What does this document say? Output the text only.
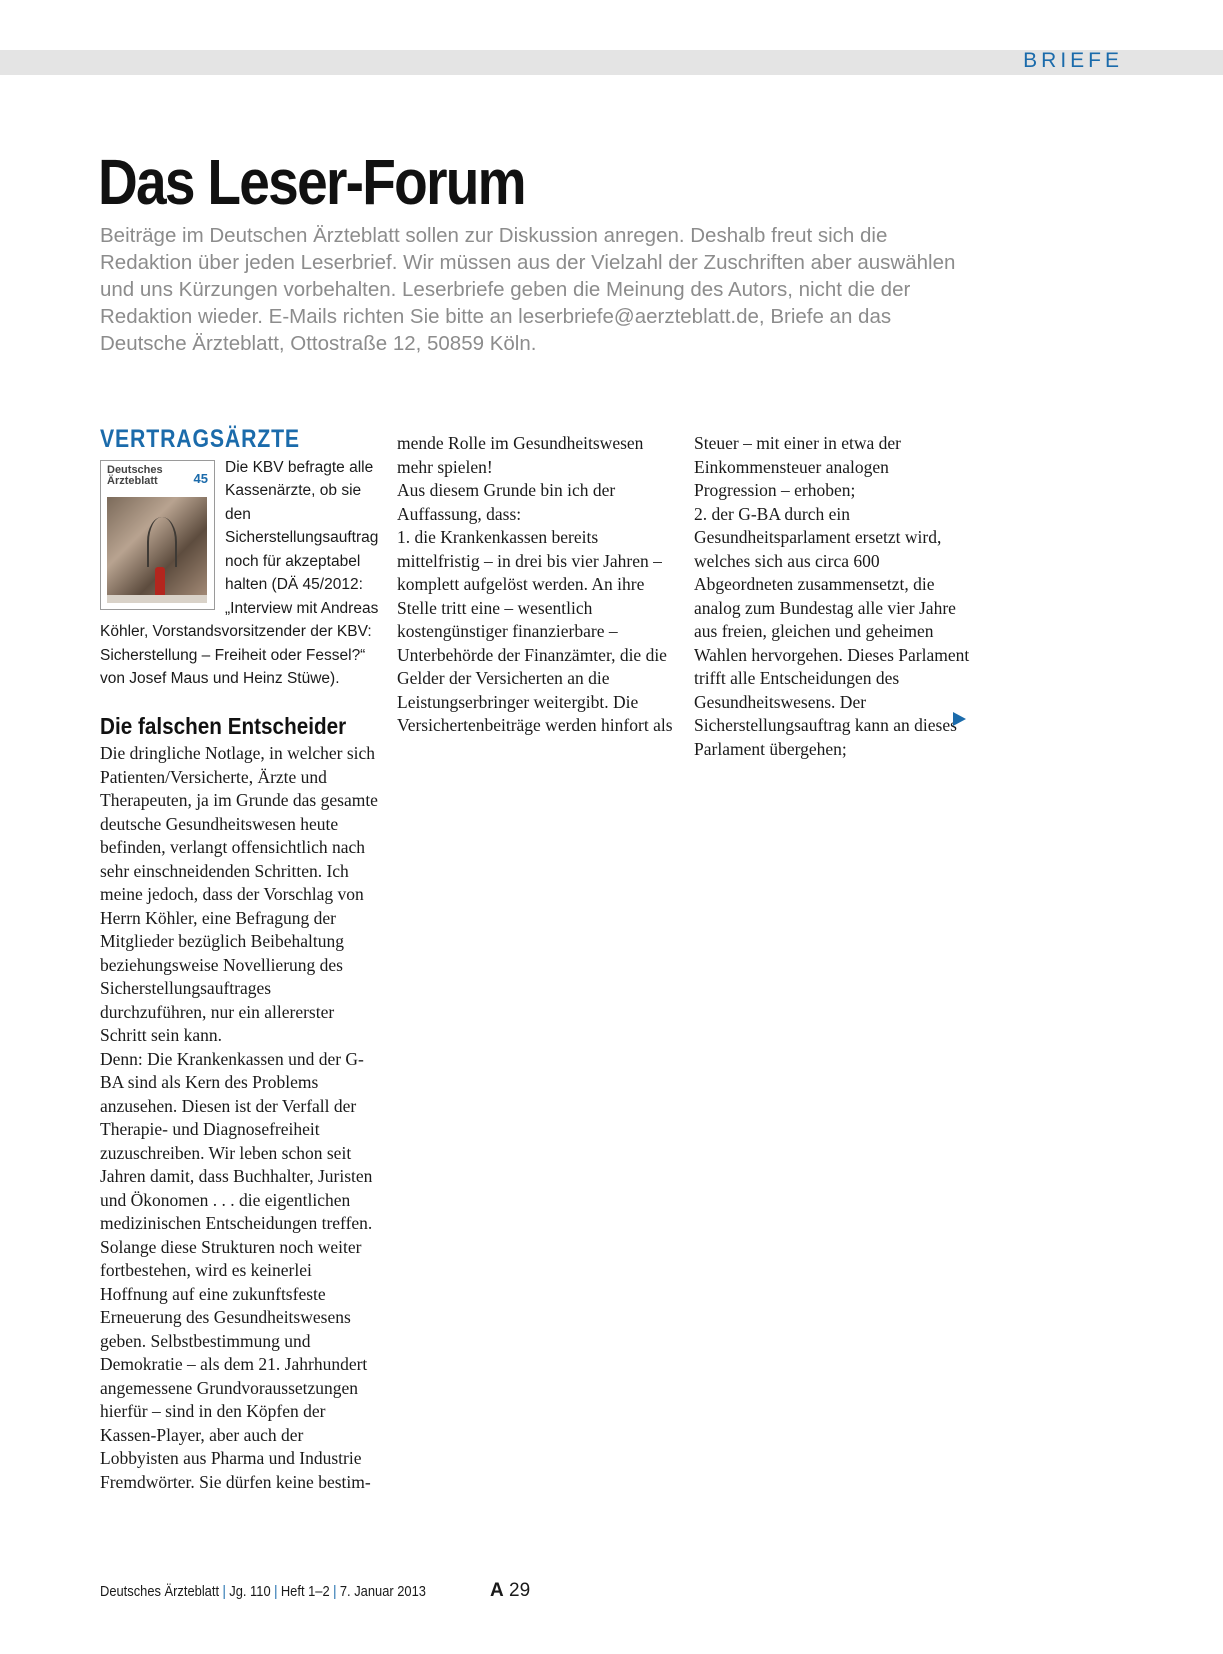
BRIEFE
Das Leser-Forum

Beiträge im Deutschen Ärzteblatt sollen zur Diskussion anregen. Deshalb freut sich die Redaktion über jeden Leserbrief. Wir müssen aus der Vielzahl der Zuschriften aber auswählen und uns Kürzungen vorbehalten. Leserbriefe geben die Meinung des Autors, nicht die der Redaktion wieder. E-Mails richten Sie bitte an leserbriefe@aerzteblatt.de, Briefe an das Deutsche Ärzteblatt, Ottostraße 12, 50859 Köln.

VERTRAGSÄRZTE

Deutsches Ärzteblatt	45
Die KBV befragte alle Kassenärzte, ob sie den Sicherstellungsauftrag noch für akzeptabel halten (DÄ 45/2012: „Interview mit Andreas Köhler, Vorstandsvorsitzender der KBV: Sicherstellung – Freiheit oder Fessel?“ von Josef Maus und Heinz Stüwe).
Die falschen Entscheider

Die dringliche Notlage, in welcher sich Patienten/Versicherte, Ärzte und Therapeuten, ja im Grunde das gesamte deutsche Gesundheitswesen heute befinden, verlangt offensichtlich nach sehr einschneidenden Schritten. Ich meine jedoch, dass der Vorschlag von Herrn Köhler, eine Befragung der Mitglieder bezüglich Beibehaltung beziehungsweise Novellierung des Sicherstellungsauftrages durchzuführen, nur ein allererster Schritt sein kann.

Denn: Die Krankenkassen und der G-BA sind als Kern des Problems anzusehen. Diesen ist der Verfall der Therapie- und Diagnosefreiheit zuzuschreiben. Wir leben schon seit Jahren damit, dass Buchhalter, Juristen und Ökonomen . . . die eigentlichen medizinischen Entscheidungen treffen. Solange diese Strukturen noch weiter fortbestehen, wird es keinerlei Hoffnung auf eine zukunftsfeste Erneuerung des Gesundheitswesens geben. Selbstbestimmung und Demokratie – als dem 21. Jahrhundert angemessene Grundvoraussetzungen hierfür – sind in den Köpfen der Kassen-Player, aber auch der Lobbyisten aus Pharma und Industrie Fremdwörter. Sie dürfen keine bestim-

mende Rolle im Gesundheitswesen mehr spielen!

Aus diesem Grunde bin ich der Auffassung, dass:

1. die Krankenkassen bereits mittelfristig – in drei bis vier Jahren – komplett aufgelöst werden. An ihre Stelle tritt eine – wesentlich kostengünstiger finanzierbare – Unterbehörde der Finanzämter, die die Gelder der Versicherten an die Leistungserbringer weitergibt. Die Versichertenbeiträge werden hinfort als

Steuer – mit einer in etwa der Einkommensteuer analogen Progression – erhoben;

2. der G-BA durch ein Gesundheitsparlament ersetzt wird, welches sich aus circa 600 Abgeordneten zusammensetzt, die analog zum Bundestag alle vier Jahre aus freien, gleichen und geheimen Wahlen hervorgehen. Dieses Parlament trifft alle Entscheidungen des Gesundheitswesens. Der Sicherstellungsauftrag kann an dieses Parlament übergehen;

Deutsches Ärzteblatt | Jg. 110 | Heft 1–2 | 7. Januar 2013	A 29
